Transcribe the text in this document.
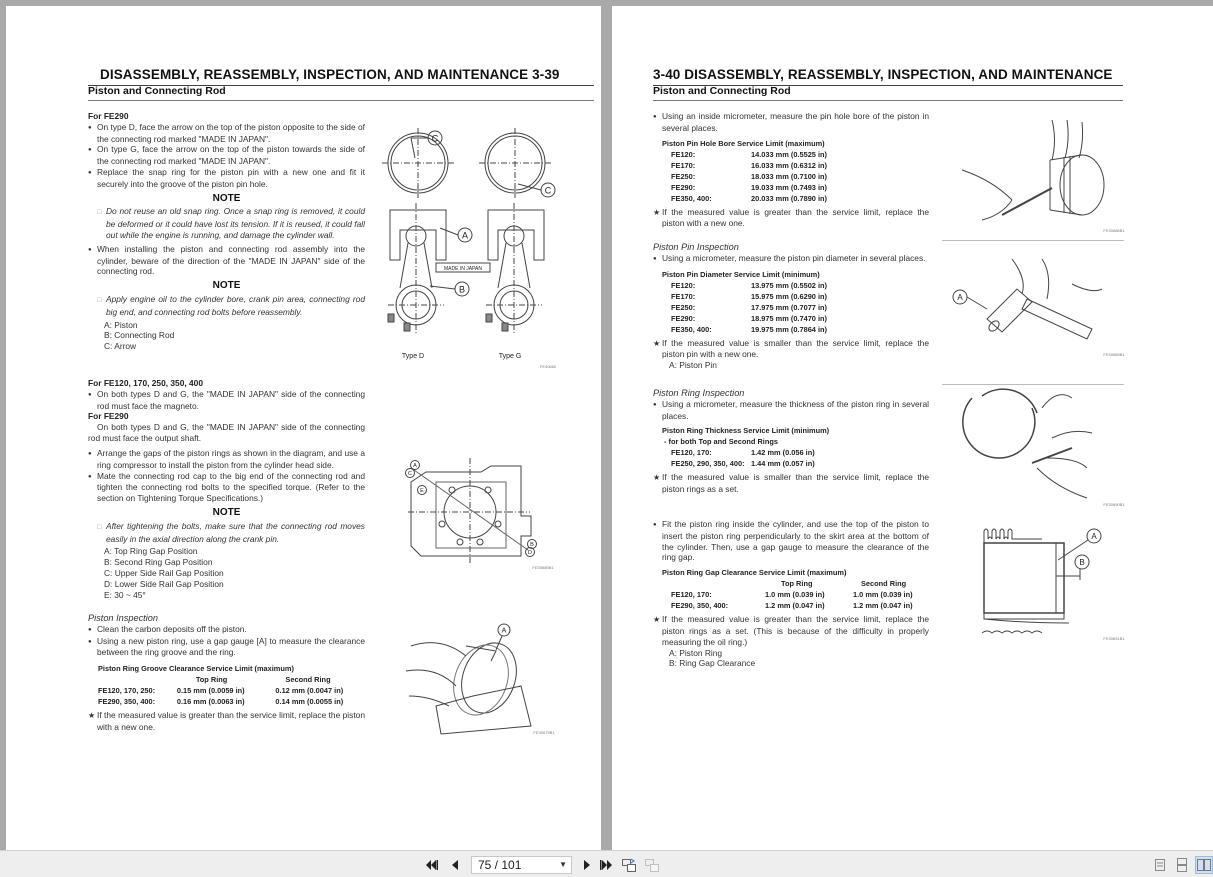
DISASSEMBLY, REASSEMBLY, INSPECTION, AND MAINTENANCE 3-39
Piston and Connecting Rod
For FE290
● On type D, face the arrow on the top of the piston opposite to the side of the connecting rod marked "MADE IN JAPAN".
● On type G, face the arrow on the top of the piston towards the side of the connecting rod marked "MADE IN JAPAN".
● Replace the snap ring for the piston pin with a new one and fit it securely into the groove of the piston pin hole.
NOTE
□ Do not reuse an old snap ring. Once a snap ring is removed, it could be deformed or it could have lost its tension. If it is reused, it could fall out while the engine is running, and damage the cylinder wall.
● When installing the piston and connecting rod assembly into the cylinder, beware of the direction of the "MADE IN JAPAN" side of the connecting rod.
NOTE
□ Apply engine oil to the cylinder bore, crank pin area, connecting rod big end, and connecting rod bolts before reassembly.
A: Piston
B: Connecting Rod
C: Arrow
C
C
A
B
MADE IN JAPAN
Type D	Type G
FE30682
For FE120, 170, 250, 350, 400
● On both types D and G, the "MADE IN JAPAN" side of the connecting rod must face the magneto.
For FE290
On both types D and G, the "MADE IN JAPAN" side of the connecting rod must face the output shaft.
● Arrange the gaps of the piston rings as shown in the diagram, and use a ring compressor to install the piston from the cylinder head side.
● Mate the connecting rod cap to the big end of the connecting rod and tighten the connecting rod bolts to the specified torque. (Refer to the section on Tightening Torque Specifications.)
NOTE
□ After tightening the bolts, make sure that the connecting rod moves easily in the axial direction along the crank pin.
A: Top Ring Gap Position
B: Second Ring Gap Position
C: Upper Side Rail Gap Position
D: Lower Side Rail Gap Position
E: 30 ~ 45°
A
C
E
B
D
FE30685B1
Piston Inspection
● Clean the carbon deposits off the piston.
● Using a new piston ring, use a gap gauge [A] to measure the clearance between the ring groove and the ring.
Piston Ring Groove Clearance Service Limit (maximum)
Top Ring	Second Ring
FE120, 170, 250:	0.15 mm (0.0059 in)	0.12 mm (0.0047 in)
FE290, 350, 400:	0.16 mm (0.0063 in)	0.14 mm (0.0055 in)
★ If the measured value is greater than the service limit, replace the piston with a new one.
A
FE30679B1
3-40 DISASSEMBLY, REASSEMBLY, INSPECTION, AND MAINTENANCE
Piston and Connecting Rod
● Using an inside micrometer, measure the pin hole bore of the piston in several places.
Piston Pin Hole Bore Service Limit (maximum)
FE120:	14.033 mm (0.5525 in)
FE170:	16.033 mm (0.6312 in)
FE250:	18.033 mm (0.7100 in)
FE290:	19.033 mm (0.7493 in)
FE350, 400:	20.033 mm (0.7890 in)
★ If the measured value is greater than the service limit, replace the piston with a new one.
Piston Pin Inspection
● Using a micrometer, measure the piston pin diameter in several places.
Piston Pin Diameter Service Limit (minimum)
FE120:	13.975 mm (0.5502 in)
FE170:	15.975 mm (0.6290 in)
FE250:	17.975 mm (0.7077 in)
FE290:	18.975 mm (0.7470 in)
FE350, 400:	19.975 mm (0.7864 in)
★ If the measured value is smaller than the service limit, replace the piston pin with a new one.
A: Piston Pin
Piston Ring Inspection
● Using a micrometer, measure the thickness of the piston ring in several places.
Piston Ring Thickness Service Limit (minimum)
- for both Top and Second Rings
FE120, 170:	1.42 mm (0.056 in)
FE250, 290, 350, 400: 1.44 mm (0.057 in)
★ If the measured value is smaller than the service limit, replace the piston rings as a set.
● Fit the piston ring inside the cylinder, and use the top of the piston to insert the piston ring perpendicularly to the skirt area at the bottom of the cylinder. Then, use a gap gauge to measure the clearance of the ring gap.
Piston Ring Gap Clearance Service Limit (maximum)
Top Ring	Second Ring
FE120, 170:	1.0 mm (0.039 in)	1.0 mm (0.039 in)
FE290, 350, 400:	1.2 mm (0.047 in)	1.2 mm (0.047 in)
★ If the measured value is greater than the service limit, replace the piston rings as a set. (This is because of the difficulty in properly measuring the oil ring.)
A: Piston Ring
B: Ring Gap Clearance
FE30688B1
A
FE30689B1
FE30690B1
A
B
FE30691B1
75 / 101	▼
